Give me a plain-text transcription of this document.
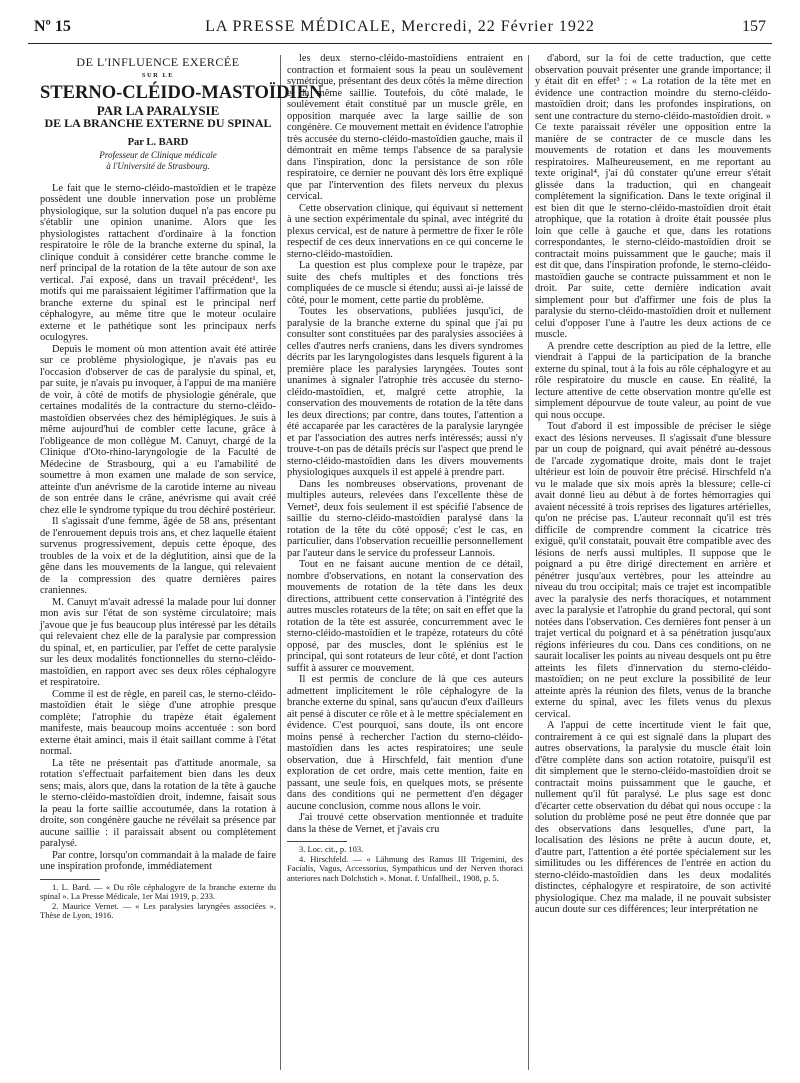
Nº 15	LA PRESSE MÉDICALE, Mercredi, 22 Février 1922	157
DE L'INFLUENCE EXERCÉE
SUR LE
STERNO-CLÉIDO-MASTOÏDIEN
PAR LA PARALYSIE
DE LA BRANCHE EXTERNE DU SPINAL
Par L. BARD
Professeur de Clinique médicale
à l'Université de Strasbourg.

Le fait que le sterno-cléido-mastoïdien et le trapèze possèdent une double innervation pose un problème physiologique, sur la solution duquel n'a pas encore pu s'établir une opinion unanime. Alors que les physiologistes rattachent d'ordinaire à la fonction respiratoire le rôle de la branche externe du spinal, la clinique conduit à considérer cette branche comme le nerf principal de la rotation de la tête autour de son axe vertical. J'ai exposé, dans un travail précédent¹, les motifs qui me paraissaient légitimer l'affirmation que la branche externe du spinal est le principal nerf céphalogyre, au même titre que le moteur oculaire externe et le pathétique sont les principaux nerfs oculogyres.

Depuis le moment où mon attention avait été attirée sur ce problème physiologique, je n'avais pas eu l'occasion d'observer de cas de paralysie du spinal, et, par suite, je n'avais pu invoquer, à l'appui de ma manière de voir, à côté de motifs de physiologie générale, que certaines modalités de la contracture du sterno-cléido-mastoïdien observées chez des hémiplégiques. Je suis à même aujourd'hui de combler cette lacune, grâce à l'obligeance de mon collègue M. Canuyt, chargé de la Clinique d'Oto-rhino-laryngologie de la Faculté de Médecine de Strasbourg, qui a eu l'amabilité de soumettre à mon examen une malade de son service, atteinte d'un anévrisme de la carotide interne au niveau de son entrée dans le crâne, anévrisme qui avait créé chez elle le syndrome typique du trou déchiré postérieur.

Il s'agissait d'une femme, âgée de 58 ans, présentant de l'enrouement depuis trois ans, et chez laquelle étaient survenus progressivement, depuis cette époque, des troubles de la voix et de la déglutition, ainsi que de la gêne dans les mouvements de la langue, qui relevaient de la compression des quatre dernières paires craniennes.

M. Canuyt m'avait adressé la malade pour lui donner mon avis sur l'état de son système circulatoire; mais j'avoue que je fus beaucoup plus intéressé par les détails qui relevaient chez elle de la paralysie par compression du spinal, et, en particulier, par l'effet de cette paralysie sur les deux modalités fonctionnelles du sterno-cléido-mastoïdien, en rapport avec ses deux rôles céphalogyre et respiratoire.

Comme il est de règle, en pareil cas, le sterno-cléido-mastoïdien était le siège d'une atrophie presque complète; l'atrophie du trapèze était également manifeste, mais beaucoup moins accentuée : son bord externe était aminci, mais il était saillant comme à l'état normal.

La tête ne présentait pas d'attitude anormale, sa rotation s'effectuait parfaitement bien dans les deux sens; mais, alors que, dans la rotation de la tête à gauche le sterno-cléido-mastoïdien droit, indemne, faisait sous la peau la forte saillie accoutumée, dans la rotation à droite, son congénère gauche ne révélait sa présence par aucune saillie : il paraissait absent ou complètement paralysé.

Par contre, lorsqu'on commandait à la malade de faire une inspiration profonde, immédiatement

1. L. Bard. — « Du rôle céphalogyre de la branche externe du spinal ». La Presse Médicale, 1er Mai 1919, p. 233.

2. Maurice Vernet. — « Les paralysies laryngées associées ». Thèse de Lyon, 1916.

les deux sterno-cléido-mastoïdiens entraient en contraction et formaient sous la peau un soulèvement symétrique, présentant des deux côtés la même direction et la même saillie. Toutefois, du côté malade, le soulèvement était constitué par un muscle grêle, en opposition marquée avec la large saillie de son congénère. Ce mouvement mettait en évidence l'atrophie très accusée du sterno-cléido-mastoïdien gauche, mais il démontrait en même temps l'absence de sa paralysie dans l'inspiration, donc la persistance de son rôle respiratoire, ce dernier ne pouvant dès lors être expliqué que par l'intervention des filets nerveux du plexus cervical.

Cette observation clinique, qui équivaut si nettement à une section expérimentale du spinal, avec intégrité du plexus cervical, est de nature à permettre de fixer le rôle respectif de ces deux innervations en ce qui concerne le sterno-cléido-mastoïdien.

La question est plus complexe pour le trapèze, par suite des chefs multiples et des fonctions très compliquées de ce muscle si étendu; aussi ai-je laissé de côté, pour le moment, cette partie du problème.

Toutes les observations, publiées jusqu'ici, de paralysie de la branche externe du spinal que j'ai pu consulter sont constituées par des paralysies associées à celles d'autres nerfs craniens, dans les divers syndromes décrits par les laryngologistes dans lesquels figurent à la première place les paralysies laryngées. Toutes sont unanimes à signaler l'atrophie très accusée du sterno-cléido-mastoïdien, et, malgré cette atrophie, la conservation des mouvements de rotation de la tête dans les deux directions; par contre, dans toutes, l'attention a été accaparée par les caractères de la paralysie laryngée et par l'association des autres nerfs intéressés; aussi n'y trouve-t-on pas de détails précis sur l'aspect que prend le sterno-cléido-mastoïdien dans les divers mouvements physiologiques auxquels il est appelé à prendre part.

Dans les nombreuses observations, provenant de multiples auteurs, relevées dans l'excellente thèse de Vernet², deux fois seulement il est spécifié l'absence de saillie du sterno-cléido-mastoïdien paralysé dans la rotation de la tête du côté opposé; c'est le cas, en particulier, dans l'observation recueillie personnellement par l'auteur dans le service du professeur Lannois.

Tout en ne faisant aucune mention de ce détail, nombre d'observations, en notant la conservation des mouvements de rotation de la tête dans les deux directions, attribuent cette conservation à l'intégrité des autres muscles rotateurs de la tête; on sait en effet que la rotation de la tête est assurée, concurremment avec le sterno-cléido-mastoïdien et le trapèze, rotateurs du côté opposé, par des muscles, dont le splénius est le principal, qui sont rotateurs de leur côté, et dont l'action suffit à assurer ce mouvement.

Il est permis de conclure de là que ces auteurs admettent implicitement le rôle céphalogyre de la branche externe du spinal, sans qu'aucun d'eux d'ailleurs ait pensé à discuter ce rôle et à le mettre spécialement en évidence. C'est pourquoi, sans doute, ils ont encore moins pensé à rechercher l'action du sterno-cléido-mastoïdien dans les actes respiratoires; une seule observation, due à Hirschfeld, fait mention d'une exploration de cet ordre, mais cette mention, faite en passant, une seule fois, en quelques mots, se présente dans des conditions qui ne permettent d'en dégager aucune conclusion, comme nous allons le voir.

J'ai trouvé cette observation mentionnée et traduite dans la thèse de Vernet, et j'avais cru

3. Loc. cit., p. 103.

4. Hirschfeld. — « Lähmung des Ramus III Trigemini, des Facialis, Vagus, Accessorius, Sympathicus und der Nerven thoraci anteriores nach Dolchstich ». Monat. f. Unfallheil., 1908, p. 5.

d'abord, sur la foi de cette traduction, que cette observation pouvait présenter une grande importance; il y était dit en effet³ : « La rotation de la tête met en évidence une contraction moindre du sterno-cléido-mastoïdien droit; dans les profondes inspirations, on sent une contracture du sterno-cléido-mastoïdien droit. » Ce texte paraissait révéler une opposition entre la manière de se contracter de ce muscle dans les mouvements de rotation et dans les mouvements respiratoires. Malheureusement, en me reportant au texte original⁴, j'ai dû constater qu'une erreur s'était glissée dans la traduction, qui en changeait complètement la signification. Dans le texte original il est bien dit que le sterno-cléido-mastoïdien droit était atrophique, que la rotation à droite était poussée plus loin que celle à gauche et que, dans les rotations correspondantes, le sterno-cléido-mastoïdien droit se contractait moins puissamment que le gauche; mais il est dit que, dans l'inspiration profonde, le sterno-cléido-mastoïdien gauche se contracte puissamment et non le droit. Par suite, cette dernière indication avait simplement pour but d'affirmer une fois de plus la paralysie du sterno-cléido-mastoïdien droit et nullement celui d'opposer l'une à l'autre les deux actions de ce muscle.

A prendre cette description au pied de la lettre, elle viendrait à l'appui de la participation de la branche externe du spinal, tout à la fois au rôle céphalogyre et au rôle respiratoire du muscle en cause. En réalité, la lecture attentive de cette observation montre qu'elle est simplement dépourvue de toute valeur, au point de vue qui nous occupe.

Tout d'abord il est impossible de préciser le siège exact des lésions nerveuses. Il s'agissait d'une blessure par un coup de poignard, qui avait pénétré au-dessous de l'arcade zygomatique droite, mais dont le trajet ultérieur est loin de pouvoir être précisé. Hirschfeld n'a vu le malade que six mois après la blessure; celle-ci avait donné lieu au début à de fortes hémorragies qui avaient nécessité à trois reprises des ligatures artérielles, qu'on ne précise pas. L'auteur reconnaît qu'il est très difficile de comprendre comment la cicatrice très exiguë, qu'il constatait, pouvait être compatible avec des lésions de nerfs aussi multiples. Il suppose que le poignard a pu être dirigé directement en arrière et pénétrer jusqu'aux vertèbres, pour les atteindre au niveau du trou occipital; mais ce trajet est incompatible avec la paralysie des nerfs thoraciques, et notamment avec la paralysie et l'atrophie du grand pectoral, qui sont notées dans l'observation. Ces dernières font penser à un trajet vertical du poignard et à sa pénétration jusqu'aux régions inférieures du cou. Dans ces conditions, on ne saurait localiser les points au niveau desquels ont pu être atteints les filets d'innervation du sterno-cléido-mastoïdien; on ne peut exclure la possibilité de leur atteinte après la réunion des filets, venus de la branche externe du spinal, avec les filets venus du plexus cervical.

A l'appui de cette incertitude vient le fait que, contrairement à ce qui est signalé dans la plupart des autres observations, la paralysie du muscle était loin d'être complète dans son action rotatoire, puisqu'il est dit simplement que le sterno-cléido-mastoïdien droit se contractait moins puissamment que le gauche, et nullement qu'il fût paralysé. Le plus sage est donc d'écarter cette observation du débat qui nous occupe : la solution du problème posé ne peut être donnée que par des observations dans lesquelles, d'une part, la localisation des lésions ne prête à aucun doute, et, d'autre part, l'attention a été portée spécialement sur les similitudes ou les différences de l'entrée en action du sterno-cléido-mastoïdien dans les deux modalités distinctes, céphalogyre et respiratoire, de son activité physiologique. Chez ma malade, il ne pouvait subsister aucun doute sur ces différences; leur interprétation ne
